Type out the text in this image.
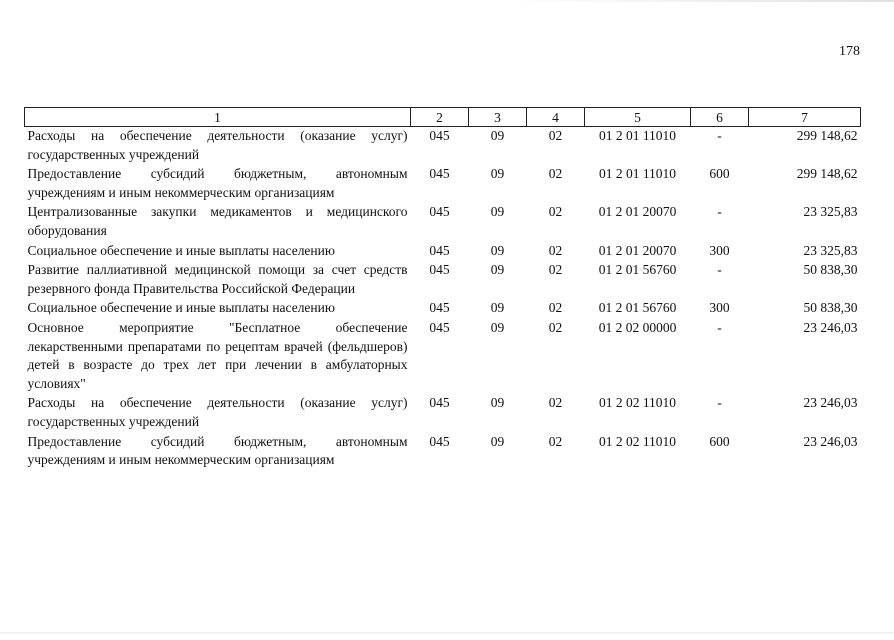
178
1	2	3	4	5	6	7
Расходы на обеспечение деятельности (оказание услуг) государственных учреждений	045	09	02	01 2 01 11010	-	299 148,62
Предоставление субсидий бюджетным, автономным учреждениям и иным некоммерческим организациям	045	09	02	01 2 01 11010	600	299 148,62
Централизованные закупки медикаментов и медицинского оборудования	045	09	02	01 2 01 20070	-	23 325,83
Социальное обеспечение и иные выплаты населению	045	09	02	01 2 01 20070	300	23 325,83
Развитие паллиативной медицинской помощи за счет средств резервного фонда Правительства Российской Федерации	045	09	02	01 2 01 56760	-	50 838,30
Социальное обеспечение и иные выплаты населению	045	09	02	01 2 01 56760	300	50 838,30
Основное мероприятие "Бесплатное обеспечение лекарственными препаратами по рецептам врачей (фельдшеров) детей в возрасте до трех лет при лечении в амбулаторных условиях"	045	09	02	01 2 02 00000	-	23 246,03
Расходы на обеспечение деятельности (оказание услуг) государственных учреждений	045	09	02	01 2 02 11010	-	23 246,03
Предоставление субсидий бюджетным, автономным учреждениям и иным некоммерческим организациям	045	09	02	01 2 02 11010	600	23 246,03
